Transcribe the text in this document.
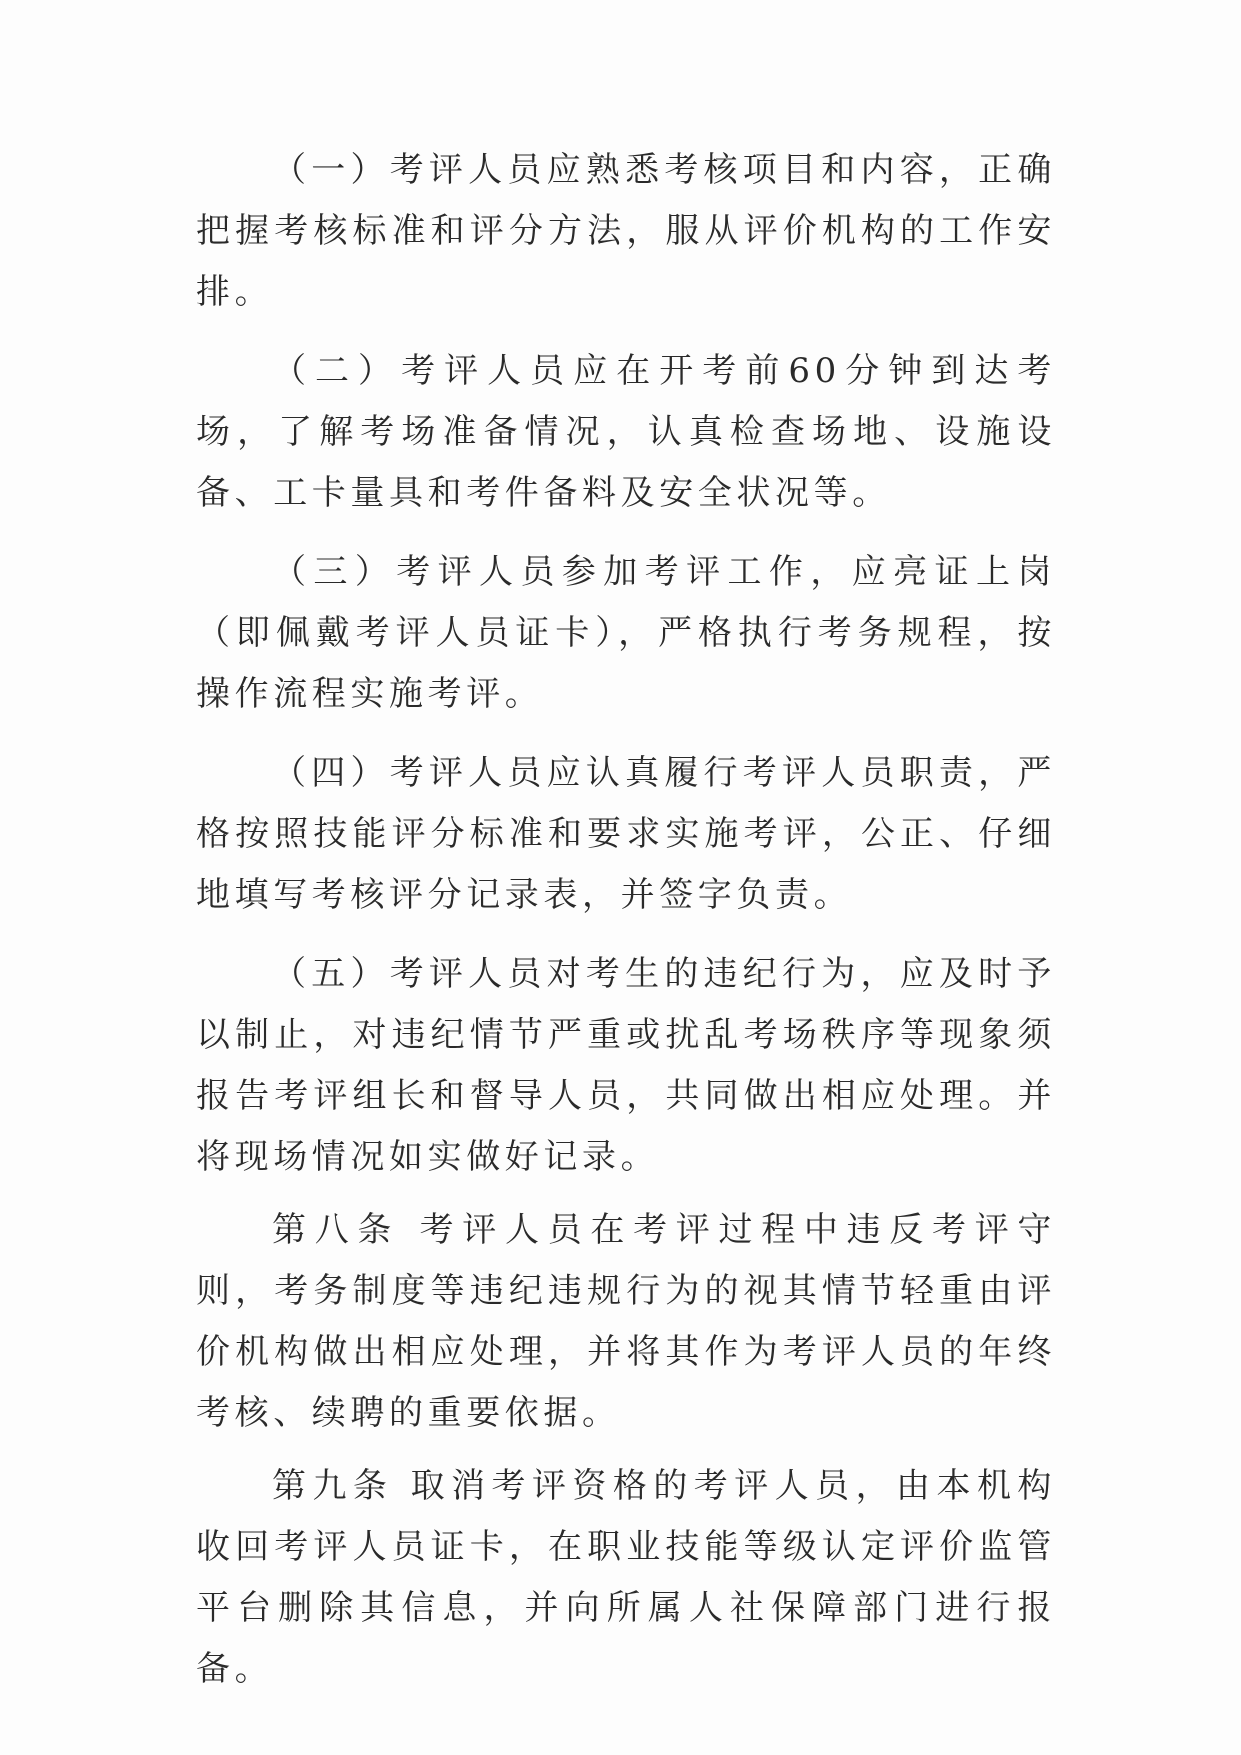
（一）考评人员应熟悉考核项目和内容，正确把握考核标准和评分方法，服从评价机构的工作安排。

（二）考评人员应在开考前60分钟到达考场，了解考场准备情况，认真检查场地、设施设备、工卡量具和考件备料及安全状况等。

（三）考评人员参加考评工作，应亮证上岗（即佩戴考评人员证卡），严格执行考务规程，按操作流程实施考评。

（四）考评人员应认真履行考评人员职责，严格按照技能评分标准和要求实施考评，公正、仔细地填写考核评分记录表，并签字负责。

（五）考评人员对考生的违纪行为，应及时予以制止，对违纪情节严重或扰乱考场秩序等现象须报告考评组长和督导人员，共同做出相应处理。并将现场情况如实做好记录。

第八条 考评人员在考评过程中违反考评守则，考务制度等违纪违规行为的视其情节轻重由评价机构做出相应处理，并将其作为考评人员的年终考核、续聘的重要依据。

第九条 取消考评资格的考评人员，由本机构收回考评人员证卡，在职业技能等级认定评价监管平台删除其信息，并向所属人社保障部门进行报备。
